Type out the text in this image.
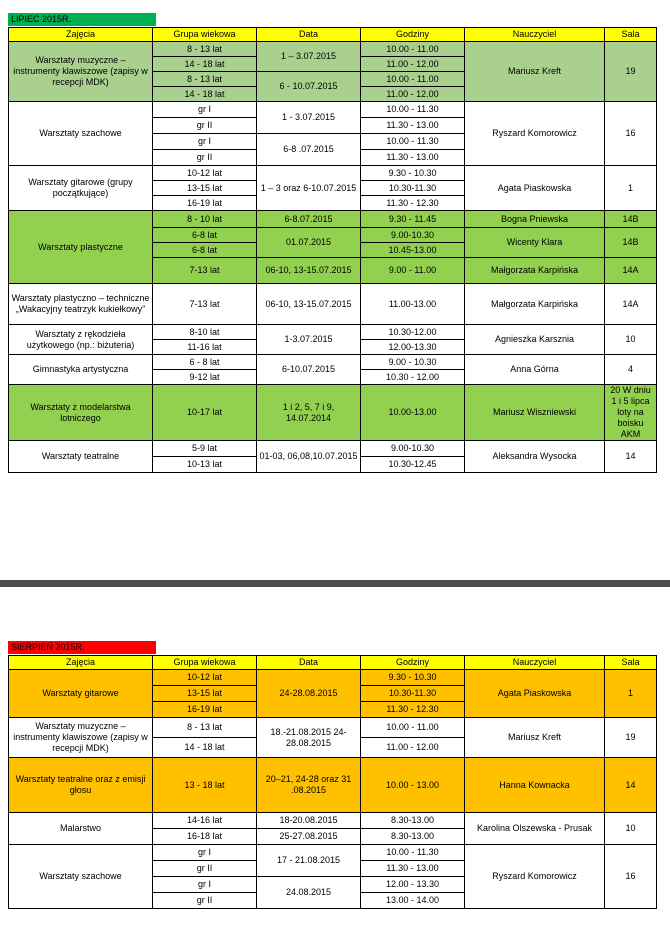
LIPIEC 2015R.
Zajęcia	Grupa wiekowa	Data	Godziny	Nauczyciel	Sala
Warsztaty muzyczne – instrumenty klawiszowe (zapisy w recepcji MDK)	8 - 13 lat	1 – 3.07.2015	10.00 - 11.00	Mariusz Kreft	19
	14 - 18 lat		11.00 - 12.00		
	8 - 13 lat	6 - 10.07.2015	10.00 - 11.00		
	14 - 18 lat		11.00 - 12.00		
Warsztaty szachowe	gr I	1 - 3.07.2015	10.00 - 11.30	Ryszard Komorowicz	16
	gr II		11.30 - 13.00		
	gr I	6-8 .07.2015	10.00 - 11.30		
	gr II		11.30 - 13.00		
Warsztaty gitarowe (grupy początkujące)	10-12 lat	1 – 3 oraz 6-10.07.2015	9.30 - 10.30	Agata Piaskowska	1
	13-15 lat		10.30-11.30		
	16-19 lat		11.30 - 12.30		
Warsztaty plastyczne	8 - 10 lat	6-8.07.2015	9.30 - 11.45	Bogna Pniewska	14B
	6-8 lat	01.07.2015	9.00-10.30	Wicenty Klara	14B
	6-8 lat		10.45-13.00		
	7-13 lat	06-10, 13-15.07.2015	9.00 - 11.00	Małgorzata Karpińska	14A
Warsztaty plastyczno – techniczne „Wakacyjny teatrzyk kukiełkowy”	7-13 lat	06-10, 13-15.07.2015	11.00-13.00	Małgorzata Karpińska	14A
Warsztaty z rękodzieła użytkowego (np.: biżuteria)	8-10 lat	1-3.07.2015	10.30-12.00	Agnieszka Karsznia	10
	11-16 lat		12.00-13.30		
Gimnastyka artystyczna	6 - 8 lat	6-10.07.2015	9.00 - 10.30	Anna Górna	4
	9-12 lat		10.30 - 12.00		
Warsztaty z modelarstwa lotniczego	10-17 lat	1 i 2, 5, 7 i 9, 14.07.2014	10.00-13.00	Mariusz Wiszniewski	20 W dniu 1 i 5 lipca loty na boisku AKM
Warsztaty teatralne	5-9 lat	01-03, 06,08,10.07.2015	9.00-10.30	Aleksandra Wysocka	14
	10-13 lat		10.30-12.45		
SIERPIEŃ 2015R.
Zajęcia	Grupa wiekowa	Data	Godziny	Nauczyciel	Sala
Warsztaty gitarowe	10-12 lat	24-28.08.2015	9.30 - 10.30	Agata Piaskowska	1
	13-15 lat		10.30-11.30		
	16-19 lat		11.30 - 12.30		
Warsztaty muzyczne – instrumenty klawiszowe (zapisy w recepcji MDK)	8 - 13 lat	18.-21.08.2015 24-28.08.2015	10.00 - 11.00	Mariusz Kreft	19
	14 - 18 lat		11.00 - 12.00		
Warsztaty teatralne oraz z emisji głosu	13 - 18 lat	20–21, 24-28 oraz 31 .08.2015	10.00 - 13.00	Hanna Kownacka	14
Malarstwo	14-16 lat	18-20.08.2015	8.30-13.00	Karolina Olszewska - Prusak	10
	16-18 lat	25-27.08.2015	8.30-13.00		
Warsztaty szachowe	gr I	17 - 21.08.2015	10.00 - 11.30	Ryszard Komorowicz	16
	gr II		11.30 - 13.00		
	gr I	24.08.2015	12.00 - 13.30		
	gr II		13.00 - 14.00		
